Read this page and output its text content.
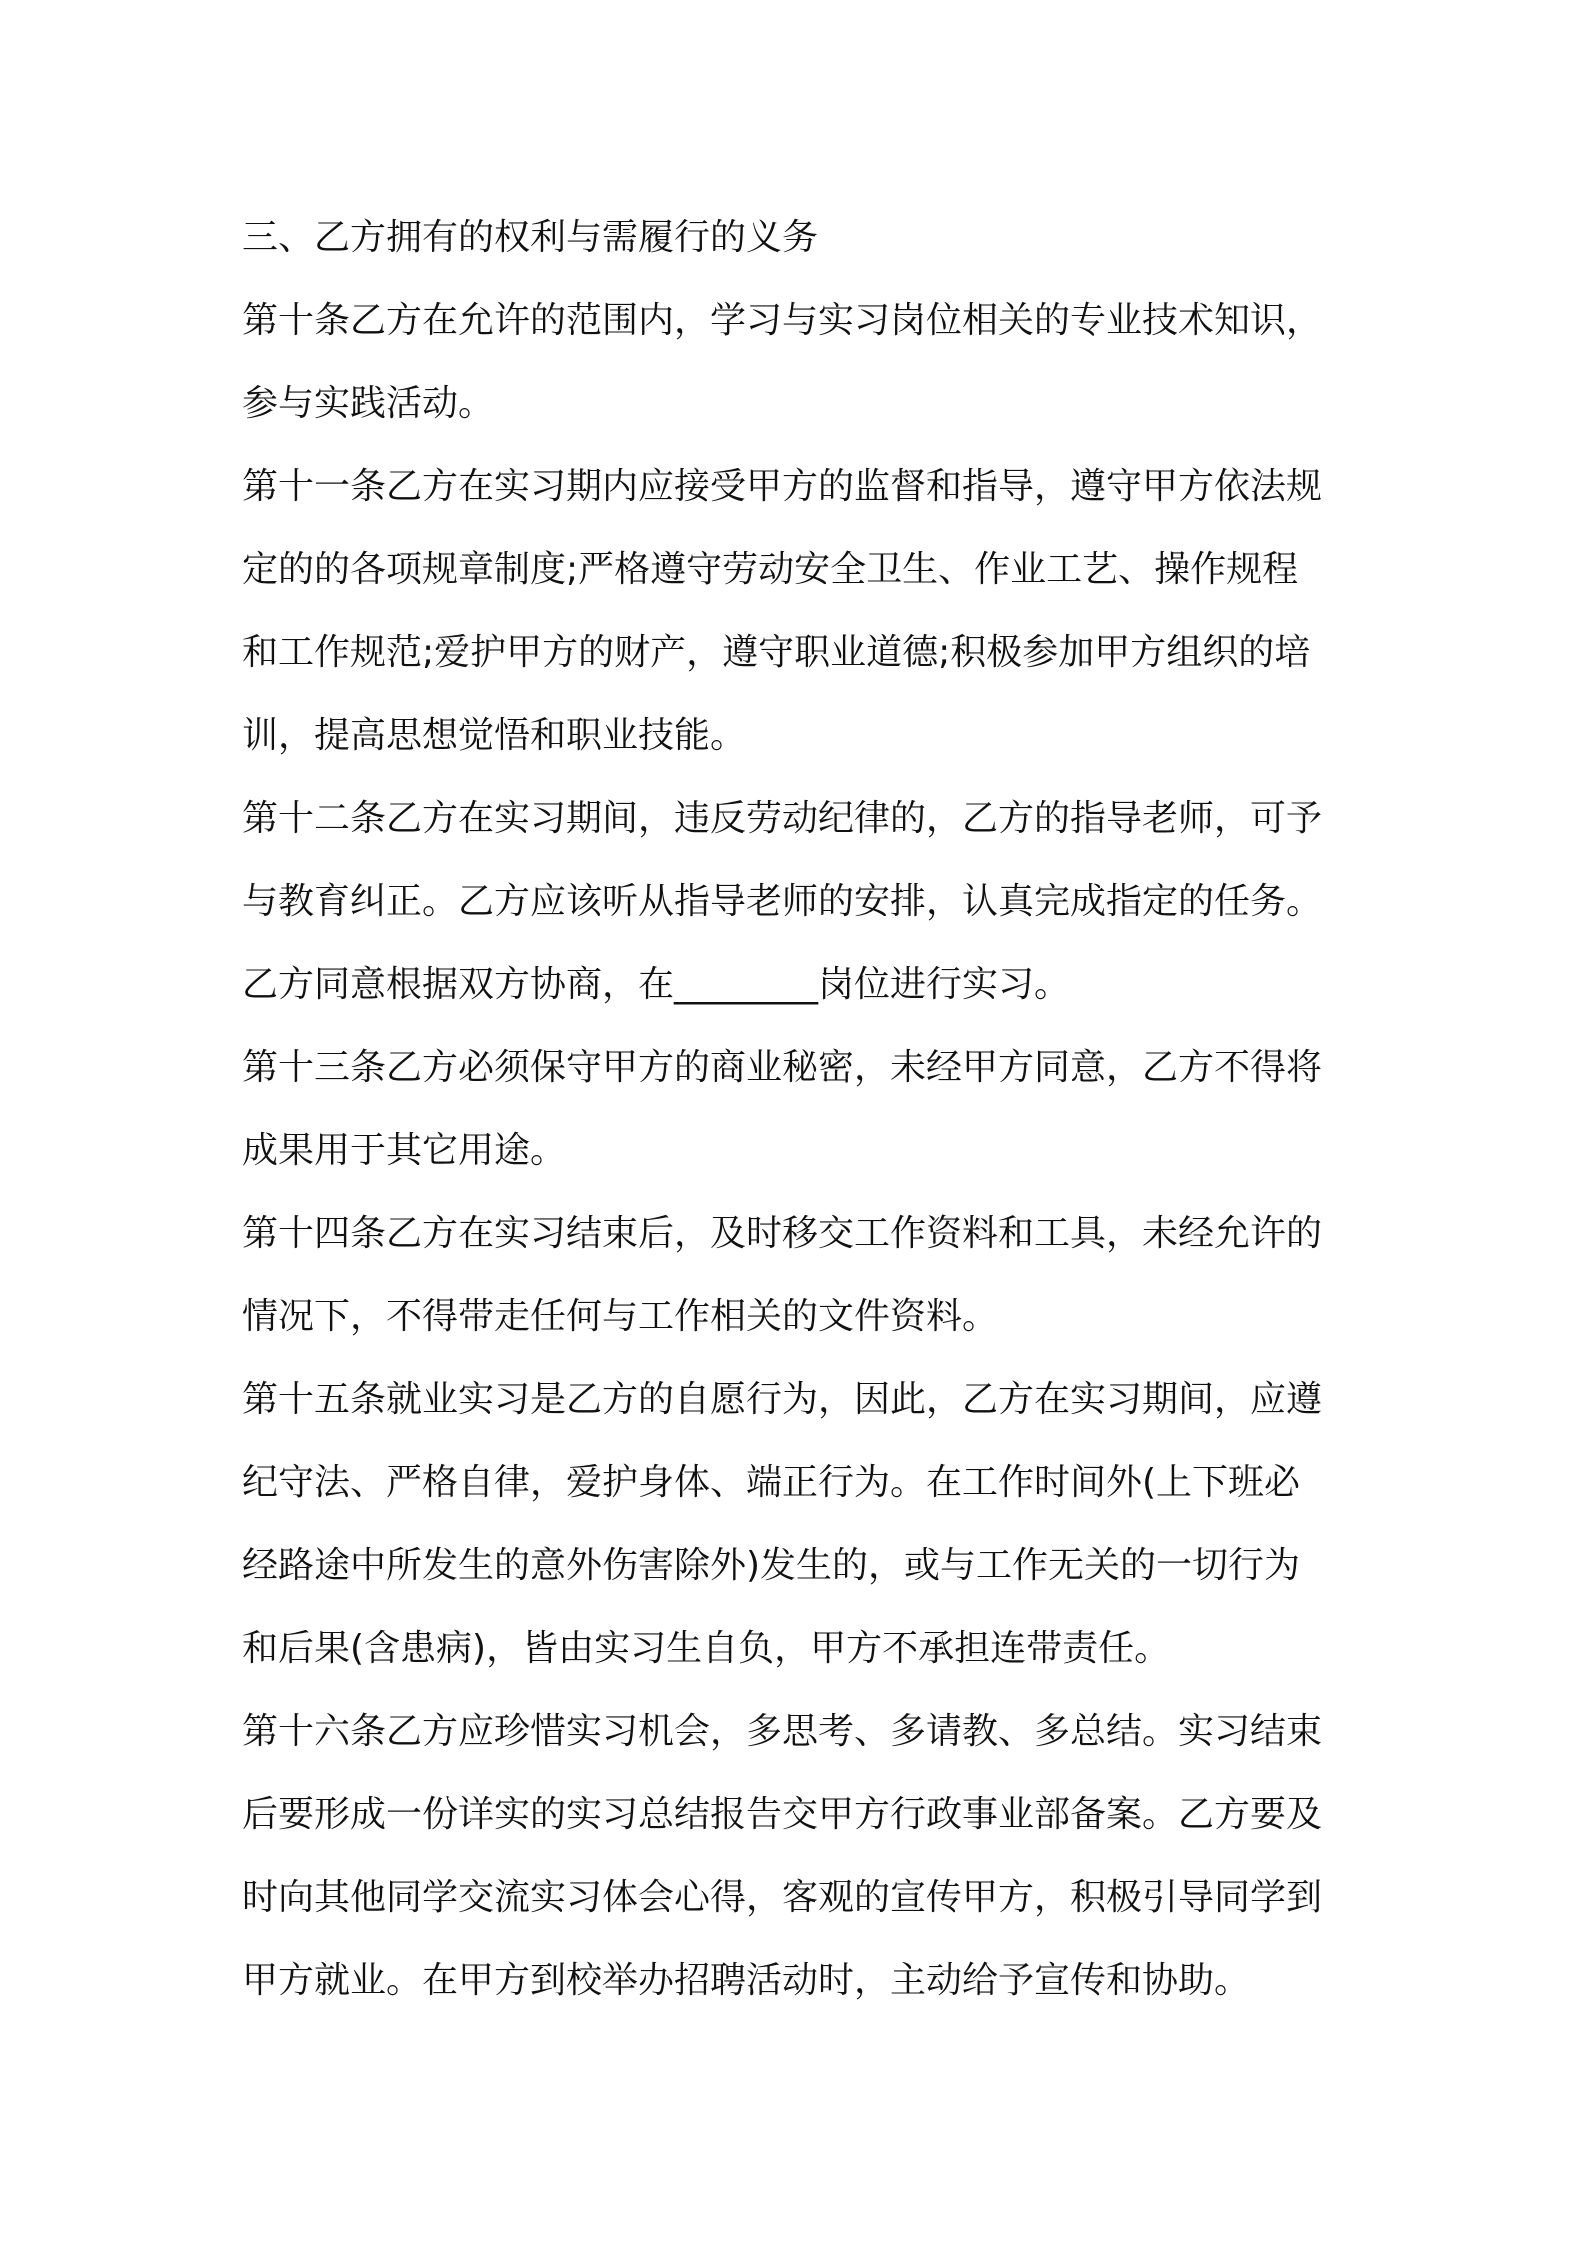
三、乙方拥有的权利与需履行的义务
第十条乙方在允许的范围内，学习与实习岗位相关的专业技术知识，
参与实践活动。
第十一条乙方在实习期内应接受甲方的监督和指导，遵守甲方依法规
定的的各项规章制度;严格遵守劳动安全卫生、作业工艺、操作规程
和工作规范;爱护甲方的财产，遵守职业道德;积极参加甲方组织的培
训，提高思想觉悟和职业技能。
第十二条乙方在实习期间，违反劳动纪律的，乙方的指导老师，可予
与教育纠正。乙方应该听从指导老师的安排，认真完成指定的任务。
乙方同意根据双方协商，在________岗位进行实习。
第十三条乙方必须保守甲方的商业秘密，未经甲方同意，乙方不得将
成果用于其它用途。
第十四条乙方在实习结束后，及时移交工作资料和工具，未经允许的
情况下，不得带走任何与工作相关的文件资料。
第十五条就业实习是乙方的自愿行为，因此，乙方在实习期间，应遵
纪守法、严格自律，爱护身体、端正行为。在工作时间外(上下班必
经路途中所发生的意外伤害除外)发生的，或与工作无关的一切行为
和后果(含患病)，皆由实习生自负，甲方不承担连带责任。
第十六条乙方应珍惜实习机会，多思考、多请教、多总结。实习结束
后要形成一份详实的实习总结报告交甲方行政事业部备案。乙方要及
时向其他同学交流实习体会心得，客观的宣传甲方，积极引导同学到
甲方就业。在甲方到校举办招聘活动时，主动给予宣传和协助。
